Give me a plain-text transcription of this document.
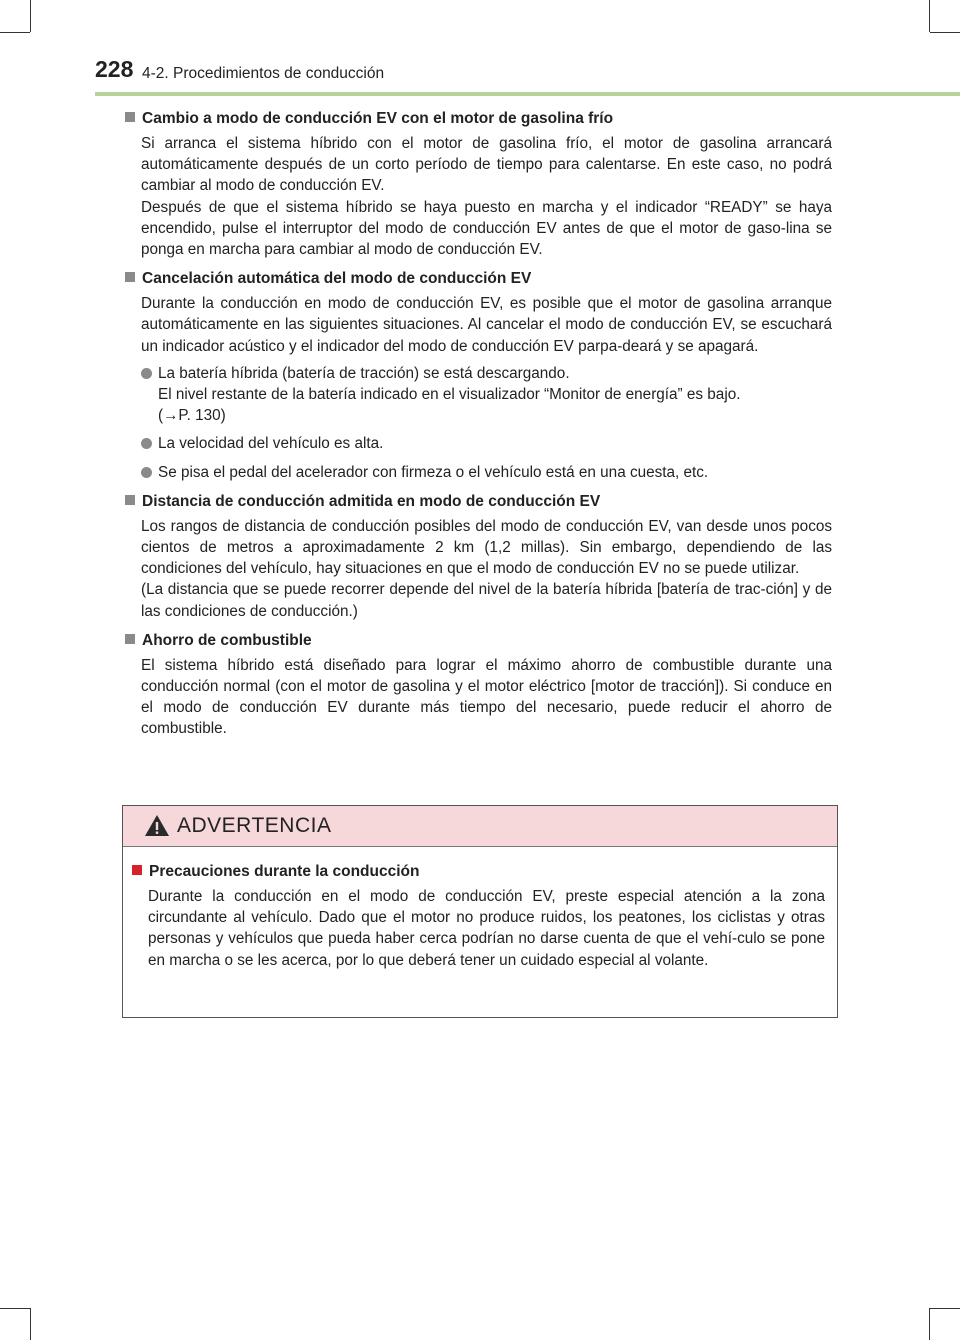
228 4-2. Procedimientos de conducción
Cambio a modo de conducción EV con el motor de gasolina frío
Si arranca el sistema híbrido con el motor de gasolina frío, el motor de gasolina arrancará automáticamente después de un corto período de tiempo para calentarse. En este caso, no podrá cambiar al modo de conducción EV.
Después de que el sistema híbrido se haya puesto en marcha y el indicador “READY” se haya encendido, pulse el interruptor del modo de conducción EV antes de que el motor de gaso-lina se ponga en marcha para cambiar al modo de conducción EV.
Cancelación automática del modo de conducción EV
Durante la conducción en modo de conducción EV, es posible que el motor de gasolina arranque automáticamente en las siguientes situaciones. Al cancelar el modo de conducción EV, se escuchará un indicador acústico y el indicador del modo de conducción EV parpa-deará y se apagará.
La batería híbrida (batería de tracción) se está descargando.
El nivel restante de la batería indicado en el visualizador “Monitor de energía” es bajo.
(→P. 130)
La velocidad del vehículo es alta.
Se pisa el pedal del acelerador con firmeza o el vehículo está en una cuesta, etc.
Distancia de conducción admitida en modo de conducción EV
Los rangos de distancia de conducción posibles del modo de conducción EV, van desde unos pocos cientos de metros a aproximadamente 2 km (1,2 millas). Sin embargo, dependiendo de las condiciones del vehículo, hay situaciones en que el modo de conducción EV no se puede utilizar.
(La distancia que se puede recorrer depende del nivel de la batería híbrida [batería de trac-ción] y de las condiciones de conducción.)
Ahorro de combustible
El sistema híbrido está diseñado para lograr el máximo ahorro de combustible durante una conducción normal (con el motor de gasolina y el motor eléctrico [motor de tracción]). Si conduce en el modo de conducción EV durante más tiempo del necesario, puede reducir el ahorro de combustible.
ADVERTENCIA
Precauciones durante la conducción
Durante la conducción en el modo de conducción EV, preste especial atención a la zona circundante al vehículo. Dado que el motor no produce ruidos, los peatones, los ciclistas y otras personas y vehículos que pueda haber cerca podrían no darse cuenta de que el vehí-culo se pone en marcha o se les acerca, por lo que deberá tener un cuidado especial al volante.
